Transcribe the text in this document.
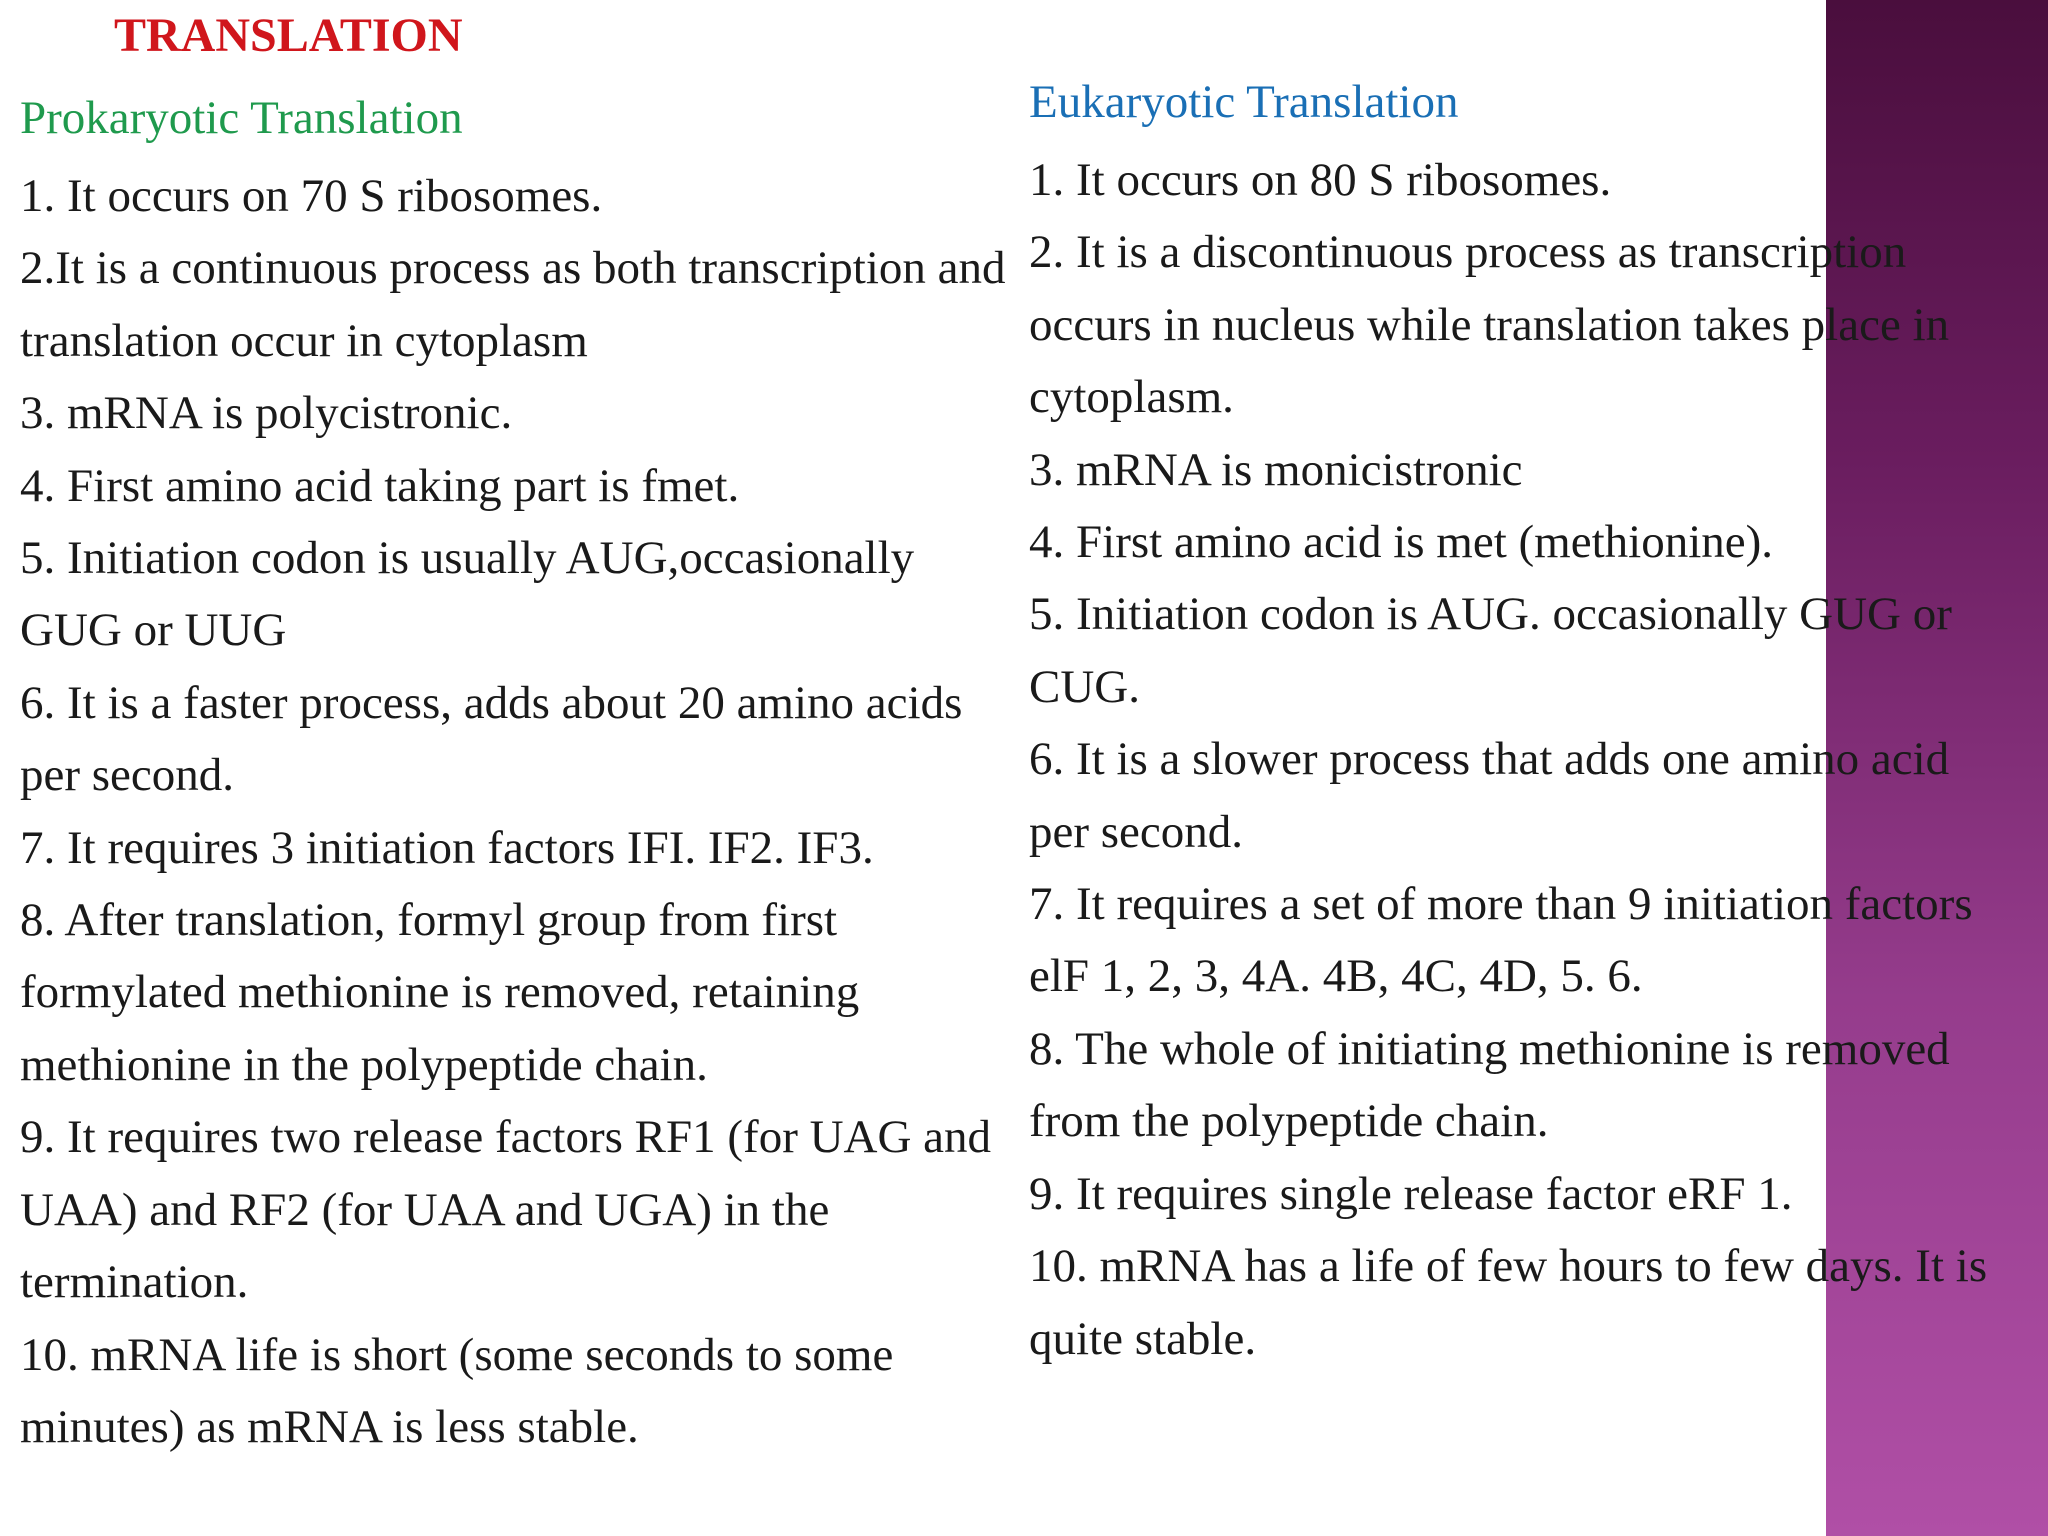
TRANSLATION
Prokaryotic Translation
1. It occurs on 70 S ribosomes.
2.It is a continuous process as both transcription and translation occur in cytoplasm
3. mRNA is polycistronic.
4. First amino acid taking part is fmet.
5. Initiation codon is usually AUG,occasionally GUG or UUG
6. It is a faster process, adds about 20 amino acids per second.
7. It requires 3 initiation factors IFI. IF2. IF3.
8. After translation, formyl group from first formylated methionine is removed, retaining methionine in the polypeptide chain.
9. It requires two release factors RF1 (for UAG and UAA) and RF2 (for UAA and UGA) in the termination.
10. mRNA life is short (some seconds to some minutes) as mRNA is less stable.
Eukaryotic Translation
1. It occurs on 80 S ribosomes.
2. It is a discontinuous process as transcription occurs in nucleus while translation takes place in cytoplasm.
3. mRNA is monicistronic
4. First amino acid is met (methionine).
5. Initiation codon is AUG. occasionally GUG or CUG.
6. It is a slower process that adds one amino acid per second.
7. It requires a set of more than 9 initiation factors elF 1, 2, 3, 4A. 4B, 4C, 4D, 5. 6.
8. The whole of initiating methionine is removed from the polypeptide chain.
9. It requires single release factor eRF 1.
10. mRNA has a life of few hours to few days. It is quite stable.
